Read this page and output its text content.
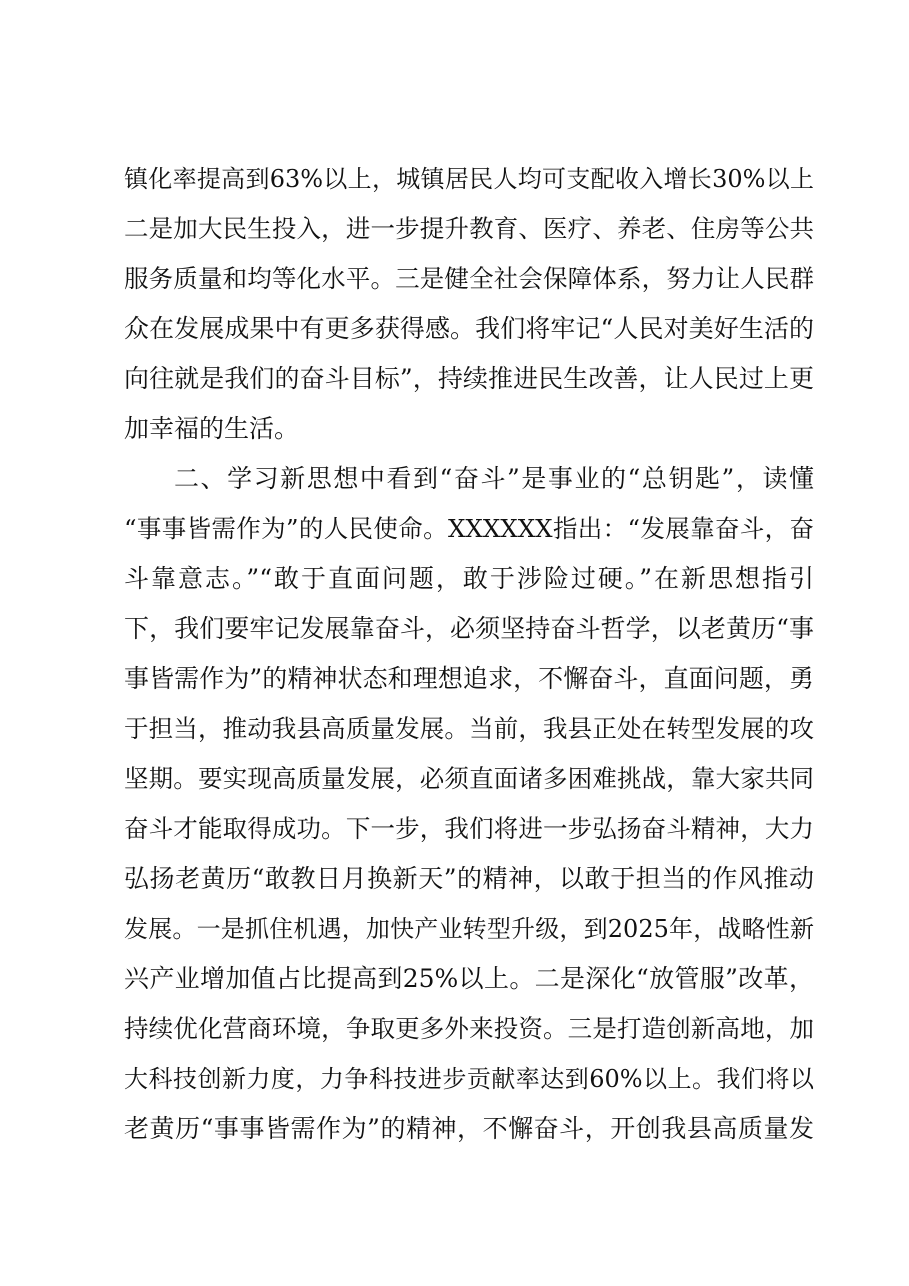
镇化率提高到63%以上，城镇居民人均可支配收入增长30%以上
二是加大民生投入，进一步提升教育、医疗、养老、住房等公共
服务质量和均等化水平。三是健全社会保障体系，努力让人民群
众在发展成果中有更多获得感。我们将牢记“人民对美好生活的
向往就是我们的奋斗目标”，持续推进民生改善，让人民过上更
加幸福的生活。
二、学习新思想中看到“奋斗”是事业的“总钥匙”，读懂
“事事皆需作为”的人民使命。XXXXXX指出：“发展靠奋斗，奋
斗靠意志。”“敢于直面问题，敢于涉险过硬。”在新思想指引
下，我们要牢记发展靠奋斗，必须坚持奋斗哲学，以老黄历“事
事皆需作为”的精神状态和理想追求，不懈奋斗，直面问题，勇
于担当，推动我县高质量发展。当前，我县正处在转型发展的攻
坚期。要实现高质量发展，必须直面诸多困难挑战，靠大家共同
奋斗才能取得成功。下一步，我们将进一步弘扬奋斗精神，大力
弘扬老黄历“敢教日月换新天”的精神，以敢于担当的作风推动
发展。一是抓住机遇，加快产业转型升级，到2025年，战略性新
兴产业增加值占比提高到25%以上。二是深化“放管服”改革，
持续优化营商环境，争取更多外来投资。三是打造创新高地，加
大科技创新力度，力争科技进步贡献率达到60%以上。我们将以
老黄历“事事皆需作为”的精神，不懈奋斗，开创我县高质量发
